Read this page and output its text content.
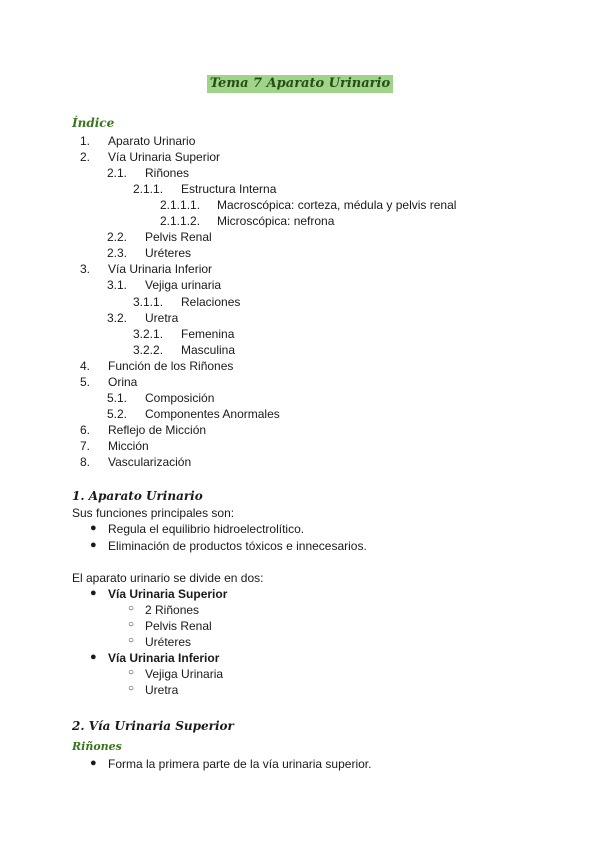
Tema 7 Aparato Urinario
Índice
1. Aparato Urinario
2. Vía Urinaria Superior
2.1. Riñones
2.1.1. Estructura Interna
2.1.1.1. Macroscópica: corteza, médula y pelvis renal
2.1.1.2. Microscópica: nefrona
2.2. Pelvis Renal
2.3. Uréteres
3. Vía Urinaria Inferior
3.1. Vejiga urinaria
3.1.1. Relaciones
3.2. Uretra
3.2.1. Femenina
3.2.2. Masculina
4. Función de los Riñones
5. Orina
5.1. Composición
5.2. Componentes Anormales
6. Reflejo de Micción
7. Micción
8. Vascularización
1. Aparato Urinario
Sus funciones principales son:
● Regula el equilibrio hidroelectrolítico.
● Eliminación de productos tóxicos e innecesarios.
El aparato urinario se divide en dos:
● Vía Urinaria Superior
○ 2 Riñones
○ Pelvis Renal
○ Uréteres
● Vía Urinaria Inferior
○ Vejiga Urinaria
○ Uretra
2. Vía Urinaria Superior
Riñones
● Forma la primera parte de la vía urinaria superior.
